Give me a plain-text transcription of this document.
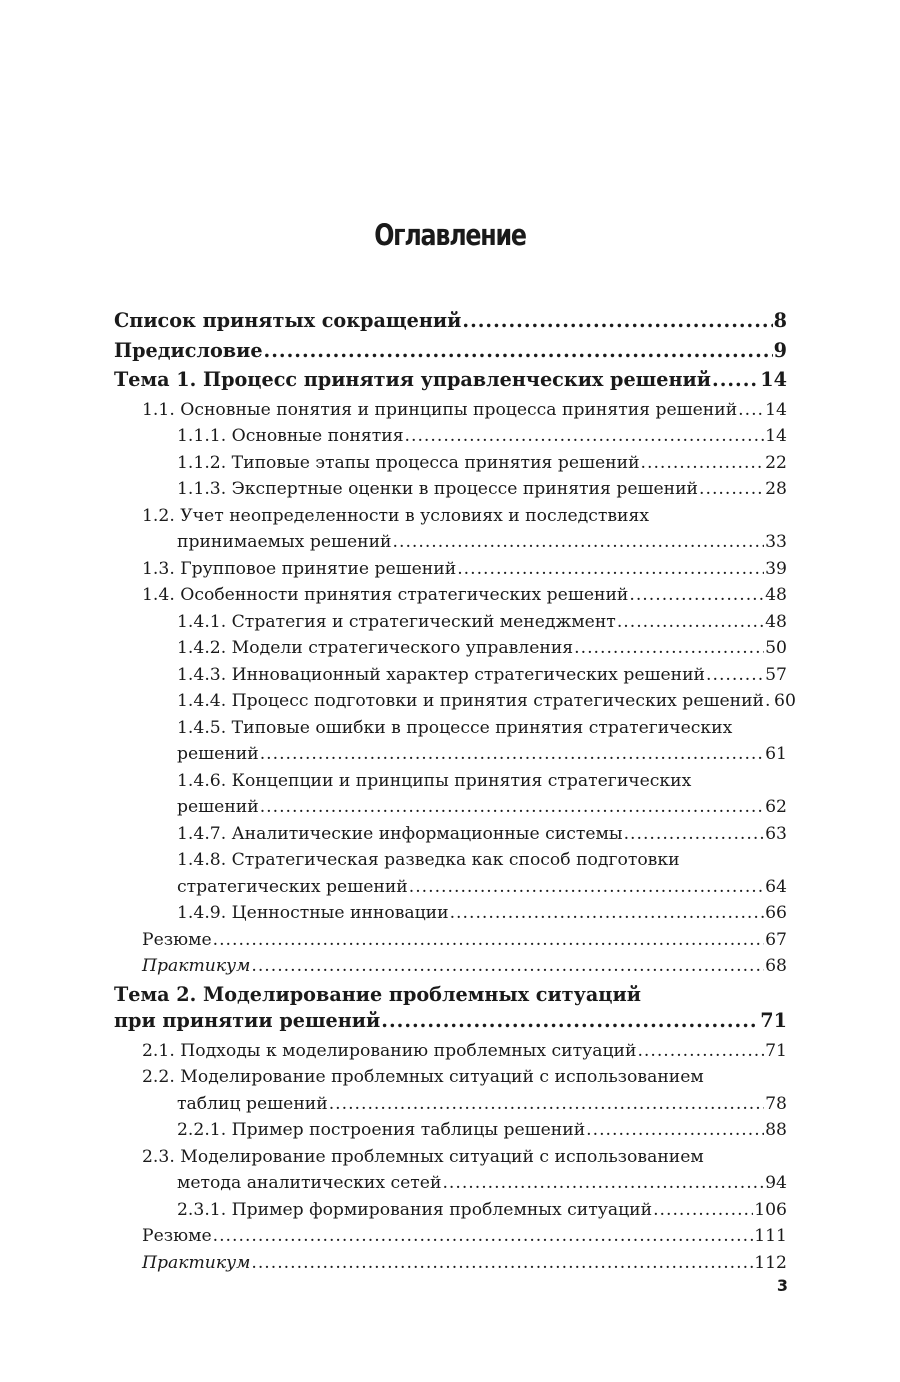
Оглавление
Список принятых сокращений .....	8
Предисловие .....	9
Тема 1. Процесс принятия управленческих решений .....	14
1.1. Основные понятия и принципы процесса принятия решений ..... 14
1.1.1. Основные понятия .....	14
1.1.2. Типовые этапы процесса принятия решений .....	22
1.1.3. Экспертные оценки в процессе принятия решений .....	28
1.2. Учет неопределенности в условиях и последствиях
принимаемых решений .....	33
1.3. Групповое принятие решений .....	39
1.4. Особенности принятия стратегических решений .....	48
1.4.1. Стратегия и стратегический менеджмент .....	48
1.4.2. Модели стратегического управления .....	50
1.4.3. Инновационный характер стратегических решений .....	57
1.4.4. Процесс подготовки и принятия стратегических решений ..... 60
1.4.5. Типовые ошибки в процессе принятия стратегических
решений .....	61
1.4.6. Концепции и принципы принятия стратегических
решений .....	62
1.4.7. Аналитические информационные системы .....	63
1.4.8. Стратегическая разведка как способ подготовки
стратегических решений .....	64
1.4.9. Ценностные инновации .....	66
Резюме .....	67
Практикум .....	68
Тема 2. Моделирование проблемных ситуаций
при принятии решений .....	71
2.1. Подходы к моделированию проблемных ситуаций .....	71
2.2. Моделирование проблемных ситуаций с использованием
таблиц решений .....	78
2.2.1. Пример построения таблицы решений .....	88
2.3. Моделирование проблемных ситуаций с использованием
метода аналитических сетей .....	94
2.3.1. Пример формирования проблемных ситуаций .....	106
Резюме .....	111
Практикум .....	112
3
